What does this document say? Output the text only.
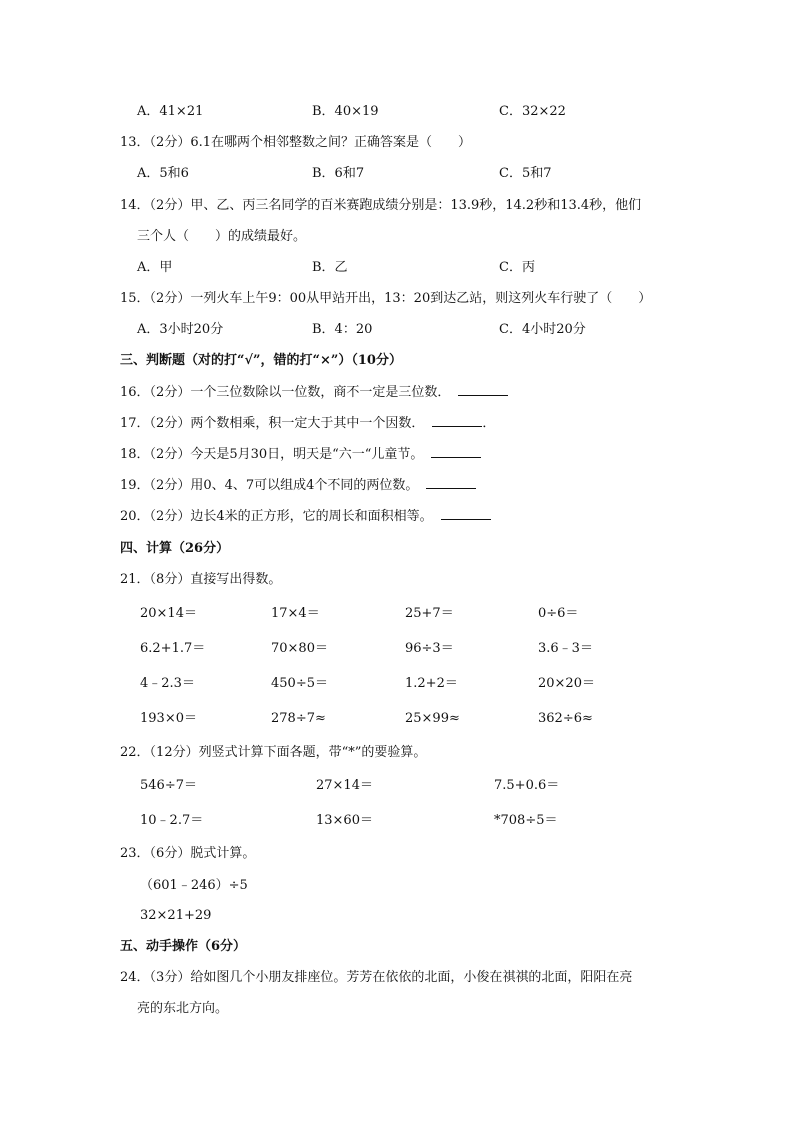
A．41×21	B．40×19	C．32×22
13．（2分）6.1在哪两个相邻整数之间？正确答案是（　　）
A．5和6	B．6和7	C．5和7
14．（2分）甲、乙、丙三名同学的百米赛跑成绩分别是：13.9秒，14.2秒和13.4秒，他们
三个人（　　）的成绩最好。
A．甲	B．乙	C．丙
15．（2分）一列火车上午9：00从甲站开出，13：20到达乙站，则这列火车行驶了（　　）
A．3小时20分	B．4：20	C．4小时20分
三、判断题（对的打“√”，错的打“×”）（10分）
16．（2分）一个三位数除以一位数，商不一定是三位数．
17．（2分）两个数相乘，积一定大于其中一个因数．	．
18．（2分）今天是5月30日，明天是“六一“儿童节。
19．（2分）用0、4、7可以组成4个不同的两位数。
20．（2分）边长4米的正方形，它的周长和面积相等。
四、计算（26分）
21．（8分）直接写出得数。
20×14＝	17×4＝	25+7＝	0÷6＝
6.2+1.7＝	70×80＝	96÷3＝	3.6﹣3＝
4﹣2.3＝	450÷5＝	1.2+2＝	20×20＝
193×0＝	278÷7≈	25×99≈	362÷6≈
22．（12分）列竖式计算下面各题，带“*”的要验算。
546÷7＝	27×14＝	7.5+0.6＝
10﹣2.7＝	13×60＝	*708÷5＝
23．（6分）脱式计算。
（601﹣246）÷5
32×21+29
五、动手操作（6分）
24．（3分）给如图几个小朋友排座位。芳芳在依依的北面，小俊在祺祺的北面，阳阳在亮
亮的东北方向。
